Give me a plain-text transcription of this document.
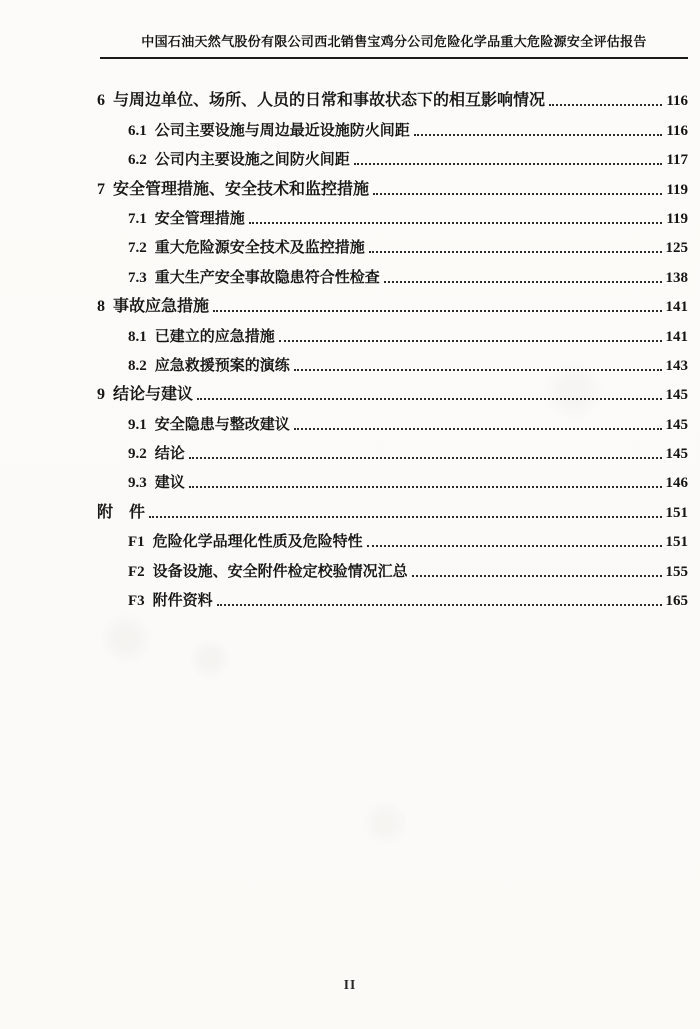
中国石油天然气股份有限公司西北销售宝鸡分公司危险化学品重大危险源安全评估报告
6 与周边单位、场所、人员的日常和事故状态下的相互影响情况	116
6.1 公司主要设施与周边最近设施防火间距	116
6.2 公司内主要设施之间防火间距	117
7 安全管理措施、安全技术和监控措施	119
7.1 安全管理措施	119
7.2 重大危险源安全技术及监控措施	125
7.3 重大生产安全事故隐患符合性检查	138
8 事故应急措施	141
8.1 已建立的应急措施	141
8.2 应急救援预案的演练	143
9 结论与建议	145
9.1 安全隐患与整改建议	145
9.2 结论	145
9.3 建议	146
附　件	151
F1 危险化学品理化性质及危险特性	151
F2 设备设施、安全附件检定校验情况汇总	155
F3 附件资料	165
II
